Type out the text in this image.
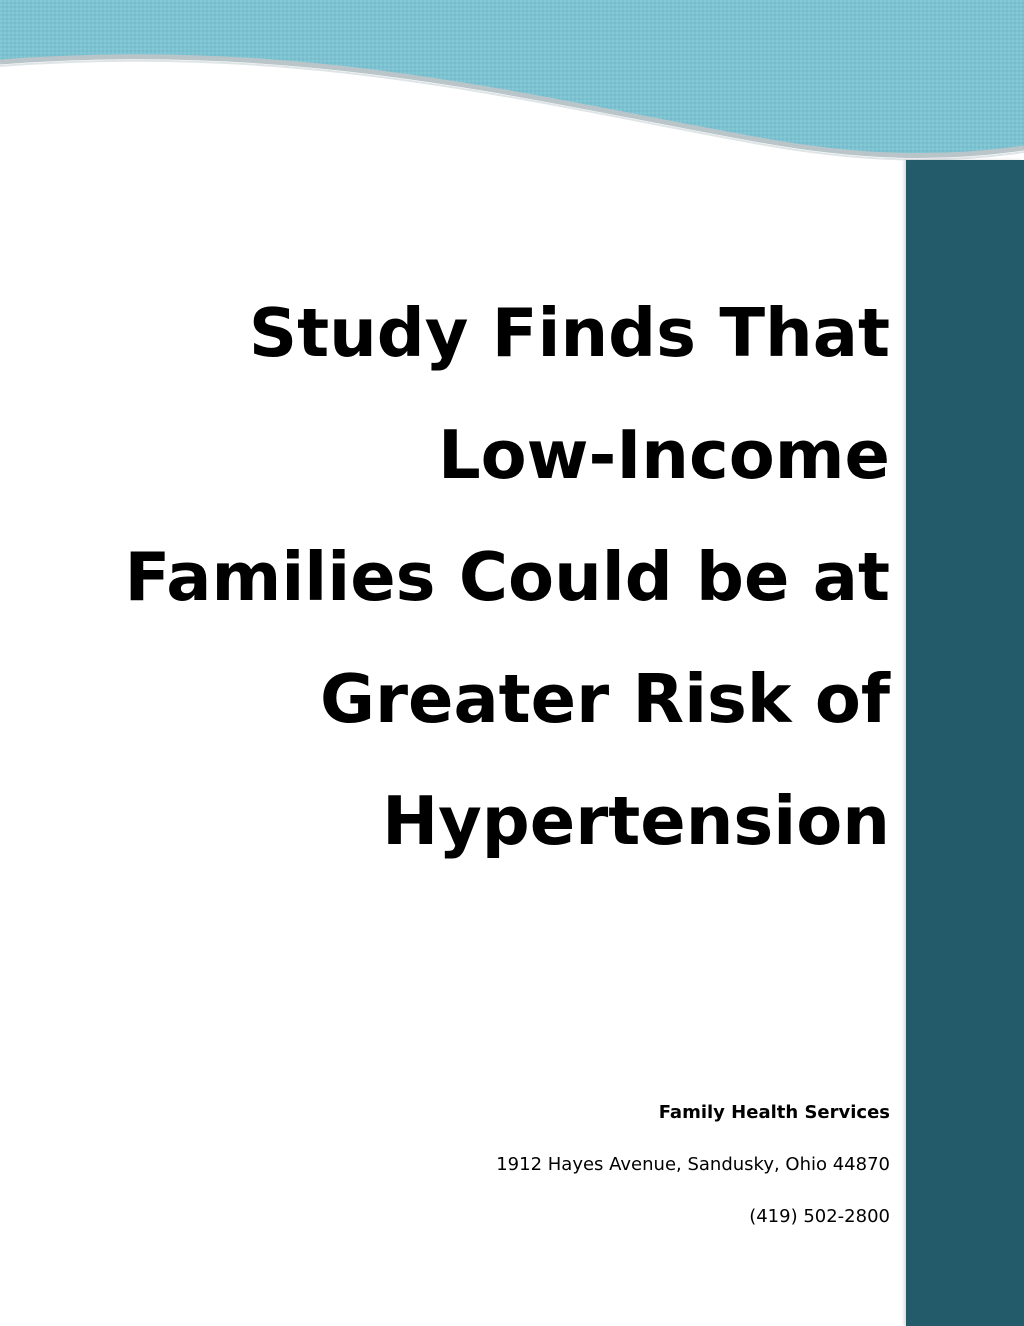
Study Finds That
Low-Income
Families Could be at
Greater Risk of
Hypertension
Family Health Services
1912 Hayes Avenue, Sandusky, Ohio 44870
(419) 502-2800
